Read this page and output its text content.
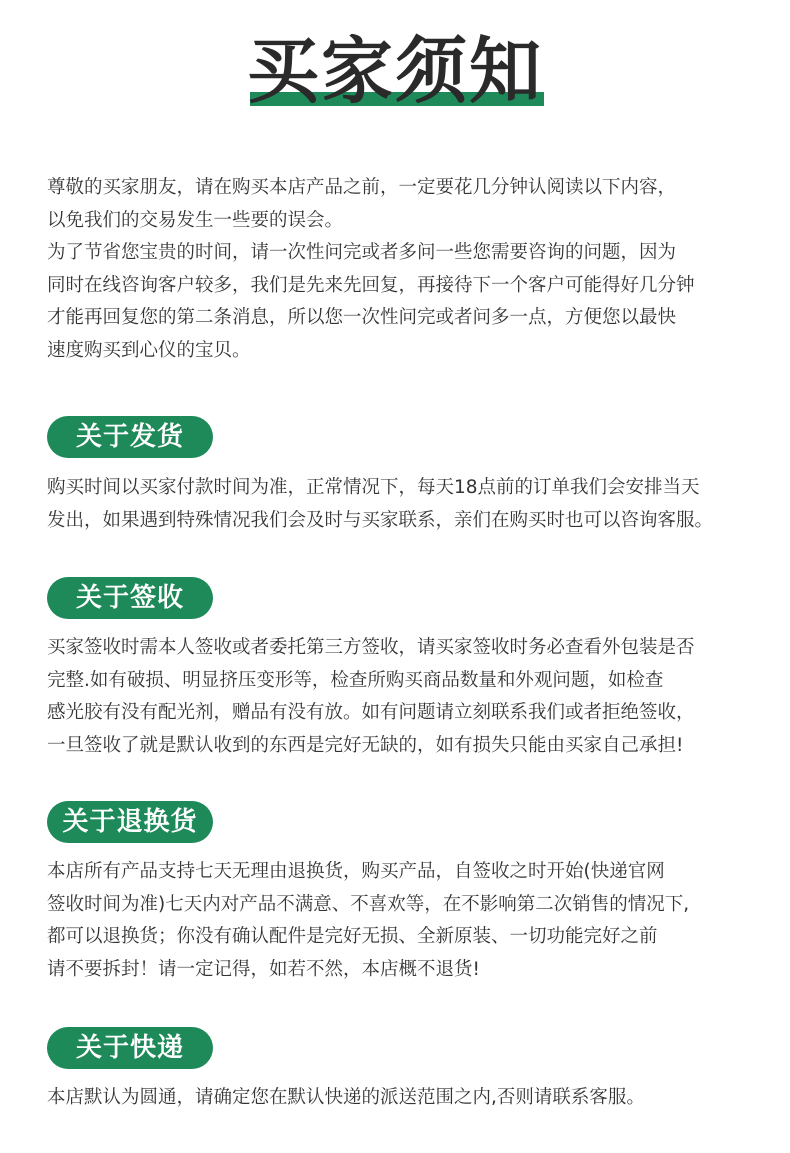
买家须知
尊敬的买家朋友，请在购买本店产品之前，一定要花几分钟认阅读以下内容，
以免我们的交易发生一些要的误会。
为了节省您宝贵的时间，请一次性问完或者多问一些您需要咨询的问题，因为
同时在线咨询客户较多，我们是先来先回复，再接待下一个客户可能得好几分钟
才能再回复您的第二条消息，所以您一次性问完或者问多一点，方便您以最快
速度购买到心仪的宝贝。
关于发货
购买时间以买家付款时间为准，正常情况下，每天18点前的订单我们会安排当天
发出，如果遇到特殊情况我们会及时与买家联系，亲们在购买时也可以咨询客服。
关于签收
买家签收时需本人签收或者委托第三方签收，请买家签收时务必查看外包装是否
完整.如有破损、明显挤压变形等，检查所购买商品数量和外观问题，如检查
感光胶有没有配光剂，赠品有没有放。如有问题请立刻联系我们或者拒绝签收，
一旦签收了就是默认收到的东西是完好无缺的，如有损失只能由买家自己承担!
关于退换货
本店所有产品支持七天无理由退换货，购买产品，自签收之时开始(快递官网
签收时间为准)七天内对产品不满意、不喜欢等，在不影响第二次销售的情况下,
都可以退换货；你没有确认配件是完好无损、全新原装、一切功能完好之前
请不要拆封！请一定记得，如若不然，本店概不退货!
关于快递
本店默认为圆通，请确定您在默认快递的派送范围之内,否则请联系客服。
